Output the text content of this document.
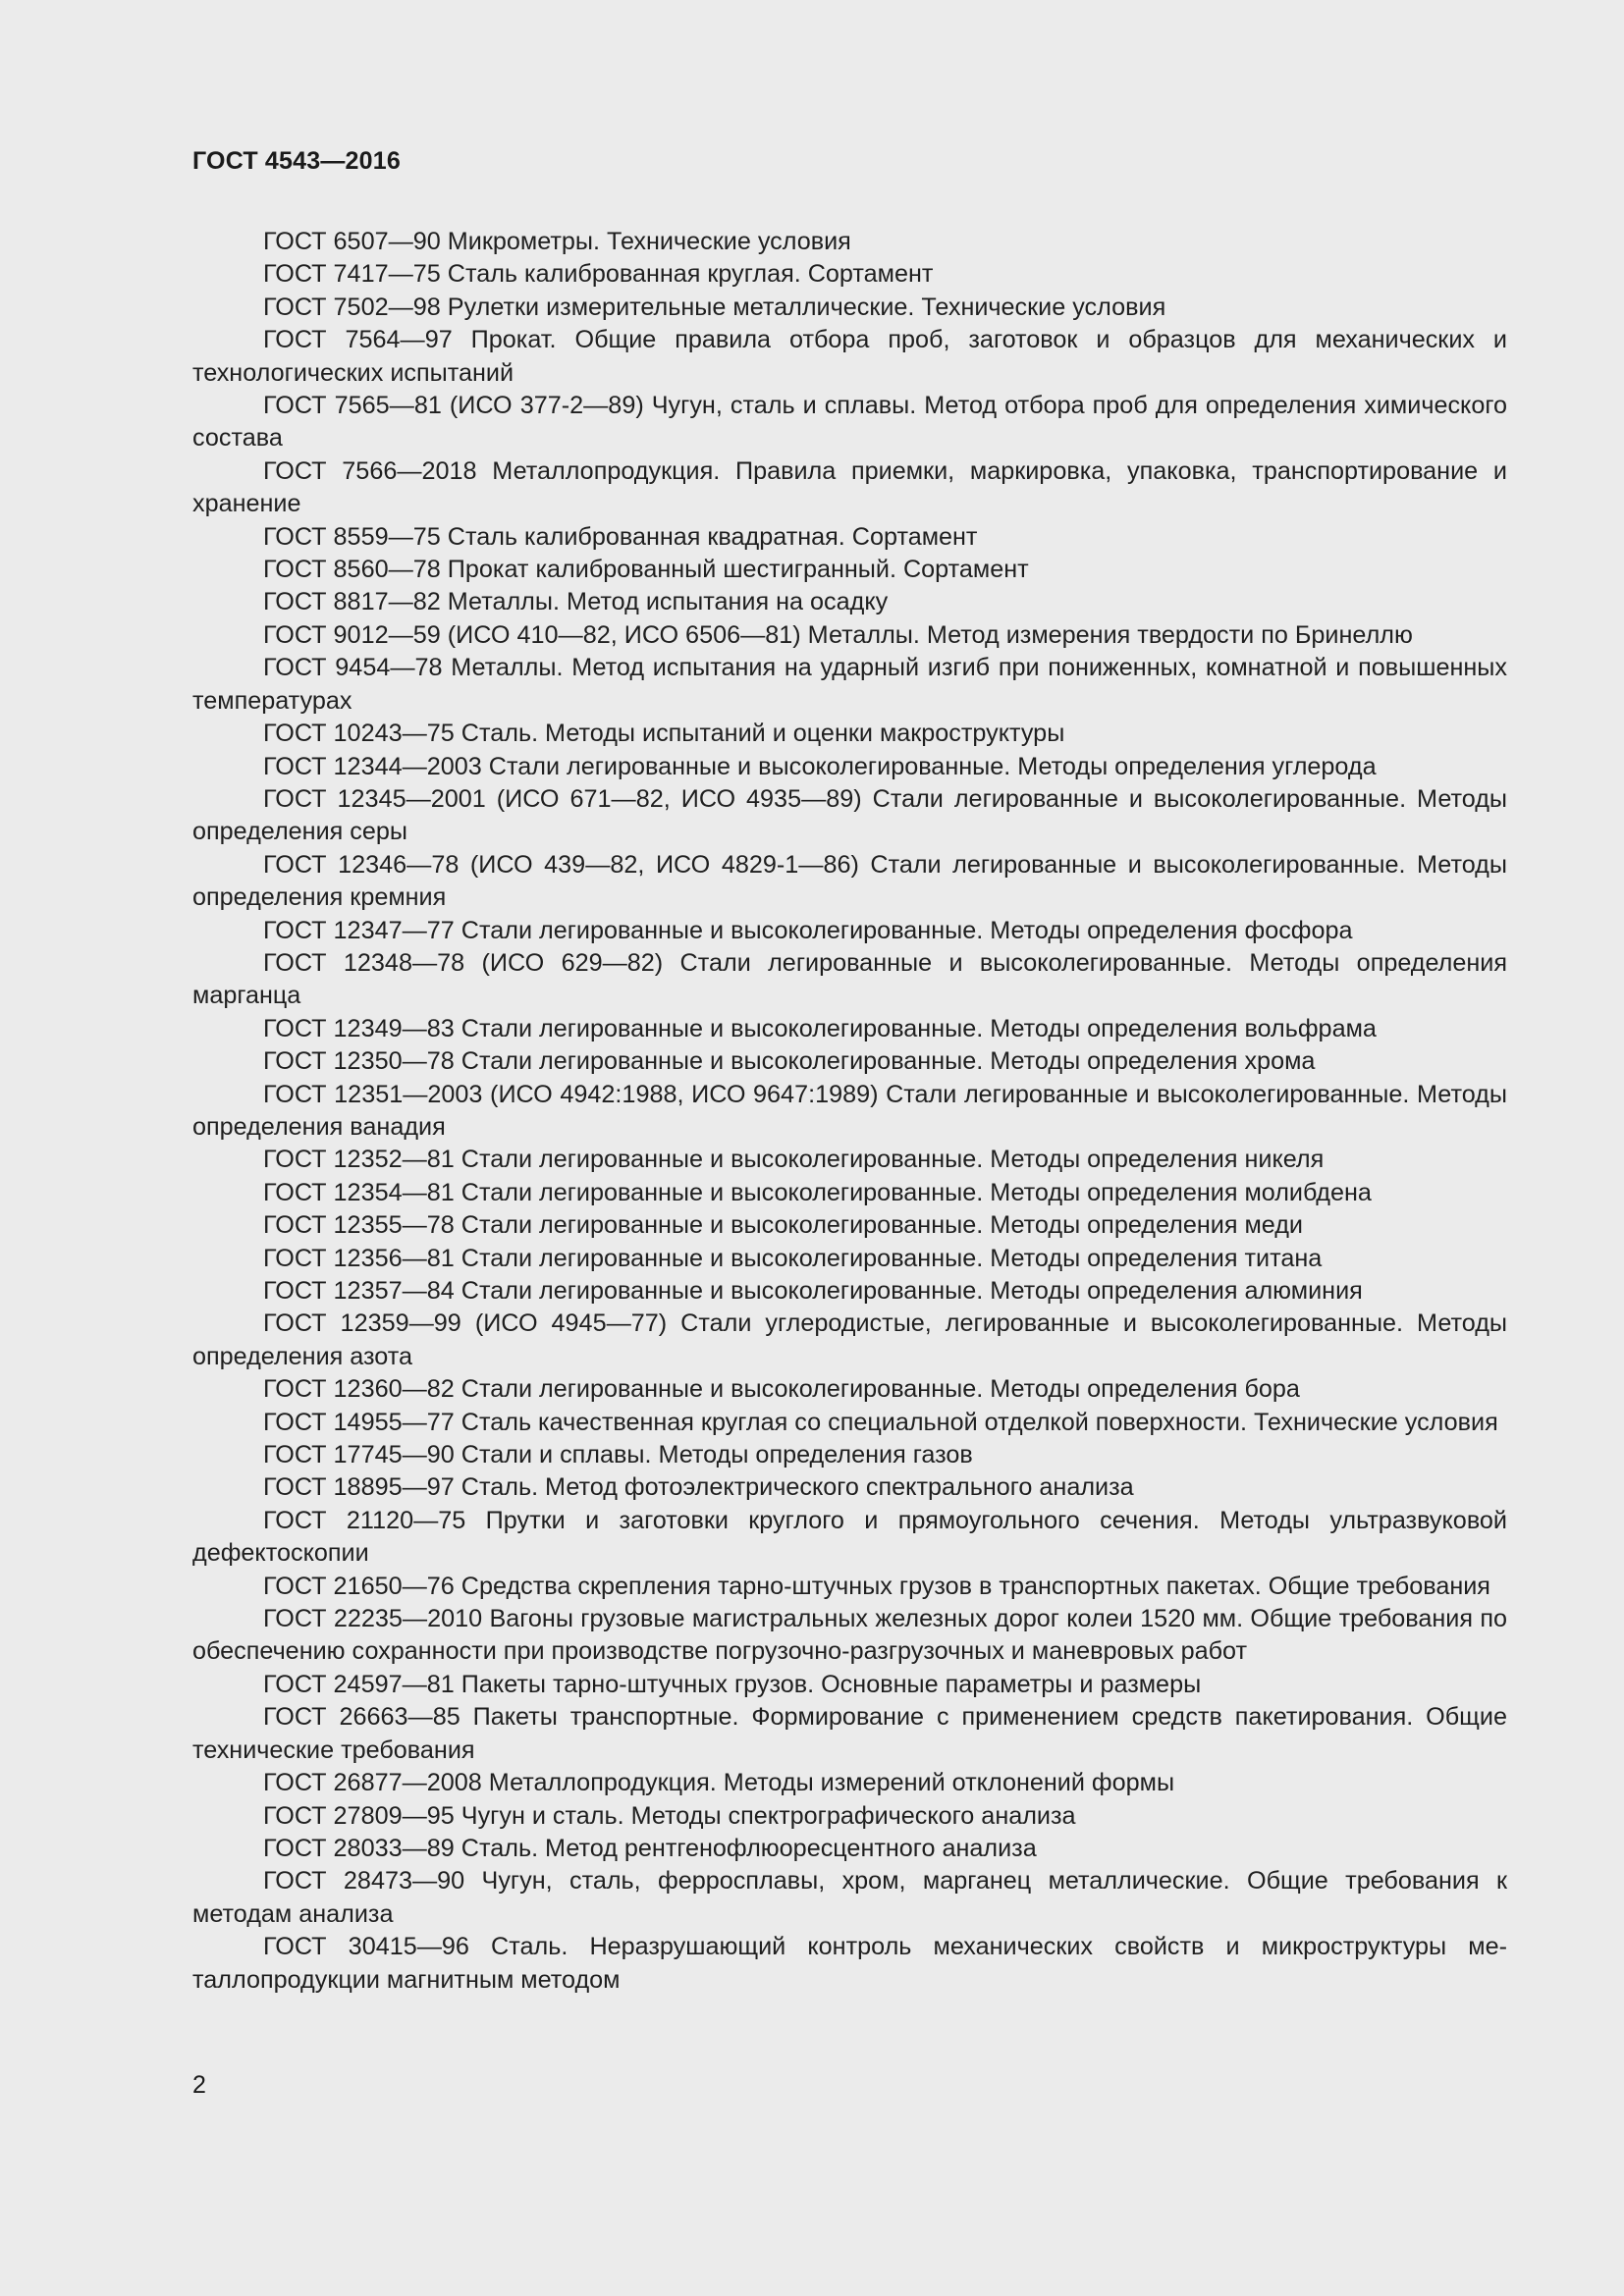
ГОСТ 4543—2016
ГОСТ 6507—90 Микрометры. Технические условия
ГОСТ 7417—75 Сталь калиброванная круглая. Сортамент
ГОСТ 7502—98 Рулетки измерительные металлические. Технические условия
ГОСТ 7564—97 Прокат. Общие правила отбора проб, заготовок и образцов для механических и технологических испытаний
ГОСТ 7565—81 (ИСО 377-2—89) Чугун, сталь и сплавы. Метод отбора проб для определения химического состава
ГОСТ 7566—2018 Металлопродукция. Правила приемки, маркировка, упаковка, транспортирование и хранение
ГОСТ 8559—75 Сталь калиброванная квадратная. Сортамент
ГОСТ 8560—78 Прокат калиброванный шестигранный. Сортамент
ГОСТ 8817—82 Металлы. Метод испытания на осадку
ГОСТ 9012—59 (ИСО 410—82, ИСО 6506—81) Металлы. Метод измерения твердости по Бринеллю
ГОСТ 9454—78 Металлы. Метод испытания на ударный изгиб при пониженных, комнатной и повышенных температурах
ГОСТ 10243—75 Сталь. Методы испытаний и оценки макроструктуры
ГОСТ 12344—2003 Стали легированные и высоколегированные. Методы определения углерода
ГОСТ 12345—2001 (ИСО 671—82, ИСО 4935—89) Стали легированные и высоколегированные. Методы определения серы
ГОСТ 12346—78 (ИСО 439—82, ИСО 4829-1—86) Стали легированные и высоколегированные. Методы определения кремния
ГОСТ 12347—77 Стали легированные и высоколегированные. Методы определения фосфора
ГОСТ 12348—78 (ИСО 629—82) Стали легированные и высоколегированные. Методы определения марганца
ГОСТ 12349—83 Стали легированные и высоколегированные. Методы определения вольфрама
ГОСТ 12350—78 Стали легированные и высоколегированные. Методы определения хрома
ГОСТ 12351—2003 (ИСО 4942:1988, ИСО 9647:1989) Стали легированные и высоколегированные. Методы определения ванадия
ГОСТ 12352—81 Стали легированные и высоколегированные. Методы определения никеля
ГОСТ 12354—81 Стали легированные и высоколегированные. Методы определения молибдена
ГОСТ 12355—78 Стали легированные и высоколегированные. Методы определения меди
ГОСТ 12356—81 Стали легированные и высоколегированные. Методы определения титана
ГОСТ 12357—84 Стали легированные и высоколегированные. Методы определения алюминия
ГОСТ 12359—99 (ИСО 4945—77) Стали углеродистые, легированные и высоколегированные. Методы определения азота
ГОСТ 12360—82 Стали легированные и высоколегированные. Методы определения бора
ГОСТ 14955—77 Сталь качественная круглая со специальной отделкой поверхности. Технические условия
ГОСТ 17745—90 Стали и сплавы. Методы определения газов
ГОСТ 18895—97 Сталь. Метод фотоэлектрического спектрального анализа
ГОСТ 21120—75 Прутки и заготовки круглого и прямоугольного сечения. Методы ультразвуковой дефектоскопии
ГОСТ 21650—76 Средства скрепления тарно-штучных грузов в транспортных пакетах. Общие требования
ГОСТ 22235—2010 Вагоны грузовые магистральных железных дорог колеи 1520 мм. Общие требования по обеспечению сохранности при производстве погрузочно-разгрузочных и маневровых работ
ГОСТ 24597—81 Пакеты тарно-штучных грузов. Основные параметры и размеры
ГОСТ 26663—85 Пакеты транспортные. Формирование с применением средств пакетирования. Общие технические требования
ГОСТ 26877—2008 Металлопродукция. Методы измерений отклонений формы
ГОСТ 27809—95 Чугун и сталь. Методы спектрографического анализа
ГОСТ 28033—89 Сталь. Метод рентгенофлюоресцентного анализа
ГОСТ 28473—90 Чугун, сталь, ферросплавы, хром, марганец металлические. Общие требования к методам анализа
ГОСТ 30415—96 Сталь. Неразрушающий контроль механических свойств и микроструктуры металлопродукции магнитным методом
2
